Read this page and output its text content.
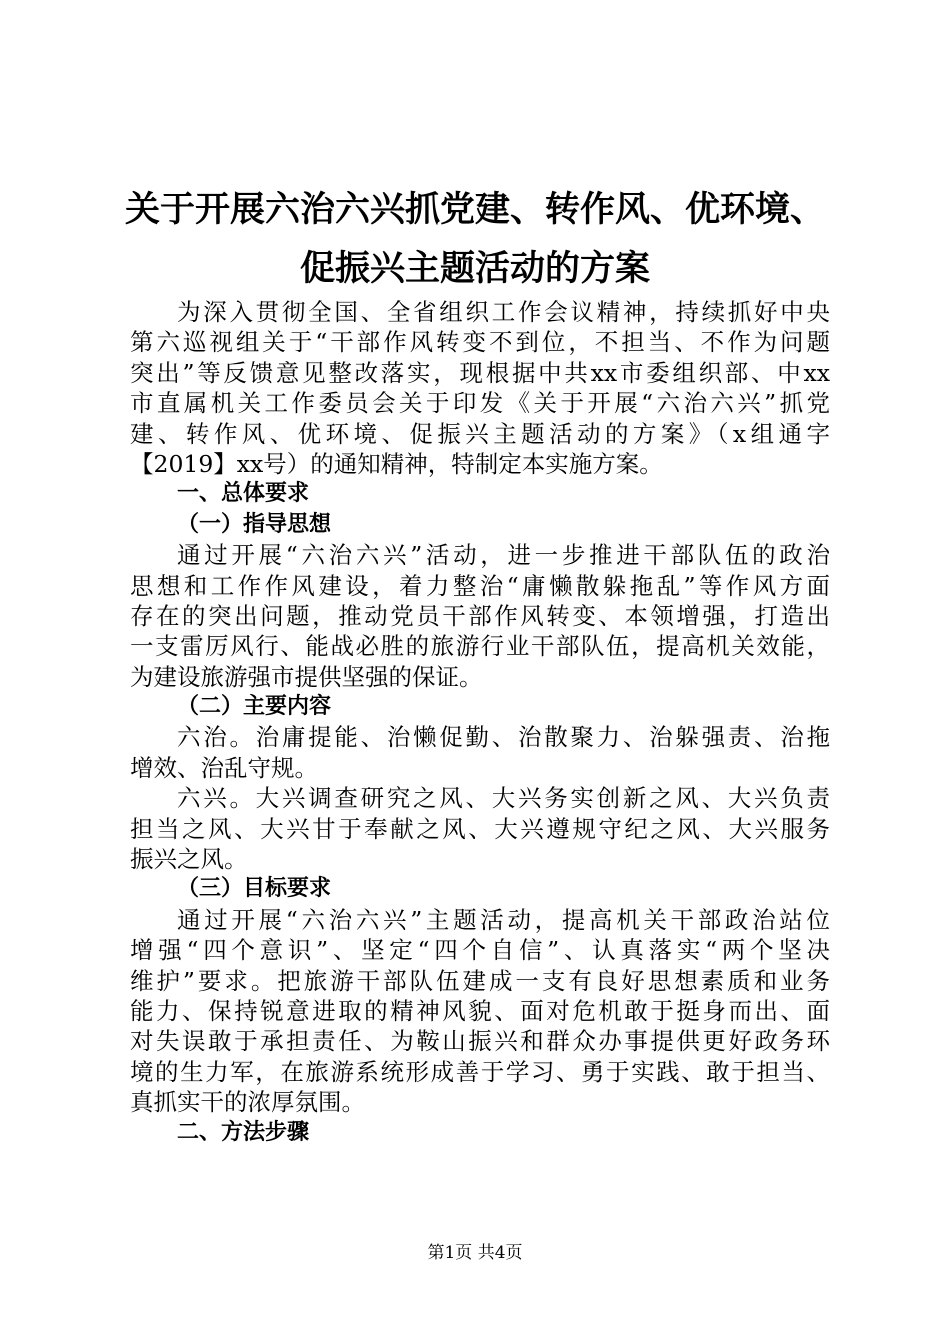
关于开展六治六兴抓党建、转作风、优环境、
促振兴主题活动的方案
为深入贯彻全国、全省组织工作会议精神，持续抓好中央
第六巡视组关于“干部作风转变不到位，不担当、不作为问题
突出”等反馈意见整改落实，现根据中共xx市委组织部、中xx
市直属机关工作委员会关于印发《关于开展“六治六兴”抓党
建、转作风、优环境、促振兴主题活动的方案》（x组通字
【2019】xx号）的通知精神，特制定本实施方案。
一、总体要求
（一）指导思想
通过开展“六治六兴”活动，进一步推进干部队伍的政治
思想和工作作风建设，着力整治“庸懒散躲拖乱”等作风方面
存在的突出问题，推动党员干部作风转变、本领增强，打造出
一支雷厉风行、能战必胜的旅游行业干部队伍，提高机关效能，
为建设旅游强市提供坚强的保证。
（二）主要内容
六治。治庸提能、治懒促勤、治散聚力、治躲强责、治拖
增效、治乱守规。
六兴。大兴调查研究之风、大兴务实创新之风、大兴负责
担当之风、大兴甘于奉献之风、大兴遵规守纪之风、大兴服务
振兴之风。
（三）目标要求
通过开展“六治六兴”主题活动，提高机关干部政治站位
增强“四个意识”、坚定“四个自信”、认真落实“两个坚决
维护”要求。把旅游干部队伍建成一支有良好思想素质和业务
能力、保持锐意进取的精神风貌、面对危机敢于挺身而出、面
对失误敢于承担责任、为鞍山振兴和群众办事提供更好政务环
境的生力军，在旅游系统形成善于学习、勇于实践、敢于担当、
真抓实干的浓厚氛围。
二、方法步骤
第1页 共4页
